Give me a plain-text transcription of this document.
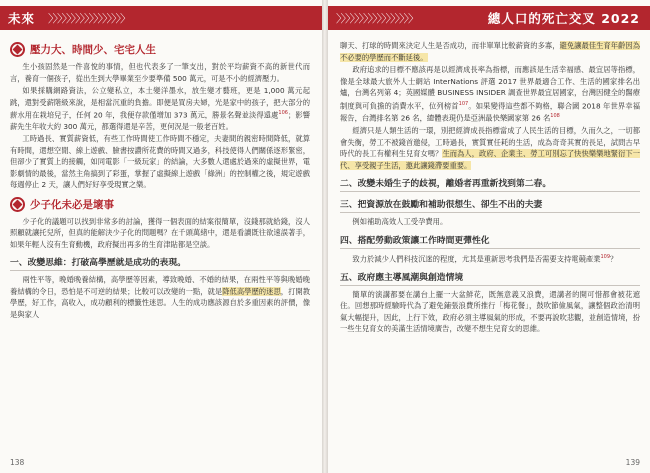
未來 〉〉〉〉〉〉〉〉〉〉〉〉〉〉〉〉〉
壓力大、時間少、宅宅人生

生小孩固然是一件喜悅的事情，但也代表多了一筆支出，對於平均薪資不高的新世代而言，養育一個孩子，從出生到大學畢業至少要準備 500 萬元，可是不小的經濟壓力。

如果採購網路資法，公立變私立，本土變洋墨水，放生變才藝班，更是 1,000 萬元起跳，還對受薪階級來說，是相當沉重的負擔。即便是買房夫婦，光是家中的孩子，把大部分的薪水用在栽培兒子，任何 20 年，我便存款僅增加 373 萬元，勝景名聲並淡得遠處$^{106}$；影響薪先生年收大約 300 萬元，都選得還是辛苦，更何況是一般老百姓。

工時過長、實質薪資低，有些工作時間使工作時間不穩定，夫妻間的親密時間降低，就算有時間，還想空閒、線上遊戲、臉書按讚所花費的時間又過多，科技使得人們關係逐形緊密，但卻少了實質上的接觸，如同電影「一級玩家」的結論，大多數人還處於過來的虛擬世界，電影劇情的最後，當然主角搞到了彩蛋，掌握了虛擬線上遊戲「綠洲」的控制權之後，規定遊戲每週停止 2 天，讓人們好好享受現實之樂。

少子化未必是壞事

少子化的議題可以找到非常多的討論，獲得一個表面的結案很簡單，沒錢那就給錢，沒人照顧就讓托兒所，但真的能解決少子化的問題嗎？在千頭萬緒中，還是看讀既往欲速誤著手，如果年輕人沒有生育動機，政府擬出再多的生育津貼都是空談。

一、改變思維：打破高學歷就是成功的表現。

兩性平等，晚婚晚養結構，高學歷等因素，導致晚婚、不婚的結果，在兩性平等與晚婚晚養結構的令日，恐怕是不可逆的結果；比較可以改變的一點，就是降低高學歷的迷思，打開教學歷，好工作，高收入，成功顧利的標籤性迷思。人生的成功應該源自於多重因素的評價，像是與家人

138
〉〉〉〉〉〉〉〉〉〉〉〉〉〉〉〉〉	總人口的死亡交叉 2022

聊天、打球的時間來決定人生是否成功，而非單單比較薪資的多寡，避免讓最佳生育年齡因為不必要的學歷而不斷延後。

政府追求的目標不應該再是以經濟成長率為指標，而應該是生活幸福感、最宜居等指標，像是全球最大旅外人士網站 InterNations 評選 2017 世界最適合工作、生活的國家排名出爐，台灣名列第 4；英國媒體 BUSINESS INSIDER 調查世界最宜居國家，台灣因健全的醫療制度與可負擔的消費水平，位列榜首$^{107}$。如果變得這些都不夠格，聯合國 2018 年世界幸福報告，台灣排名第 26 名，總體表現仍是亞洲最快樂國家第 26 名$^{108}$

經濟只是人類生活的一環，別把經濟成長指標當成了人民生活的目標，久而久之，一切都會失衡，勞工不被錢首邀侵，工時過長，實質實任耗的生活，成為奇奇其實的長足，試問古早時代的長工有權利生兒育女嗎？生而為人，政府、企業主、勞工可別忘了快快樂樂地緊衍下一代、享受親子生活，邀此讓錢滯要重要。

二、改變未婚生子的歧視，離婚者再重新找到第二春。
三、把資源放在鼓勵和補助很想生、卻生不出的夫妻

例如補助高效人工受孕費用。

四、搭配勞動政策讓工作時間更彈性化

致力於減少人們科技沉迷的程度，尤其是重新思考我們是否需要支持電競產業$^{109}$？

五、政府應主導風潮與創造情境

簡單的演講都要在講台上擺一大盆鮮花，既無意義又浪費，還講者的開可惜都會被花遮住。回想那時經驗時代為了避免鋪張浪費所推行「梅花餐」，鼓吹節儉風氣，讓整個政治清明氣大幅提升，因此，上行下效，政府必須主導風氣的形成，不要再說吹悲觀，並創造情境，扮一些生兒育女的美滿生活情境廣告，改變不想生兒育女的思維。

139
